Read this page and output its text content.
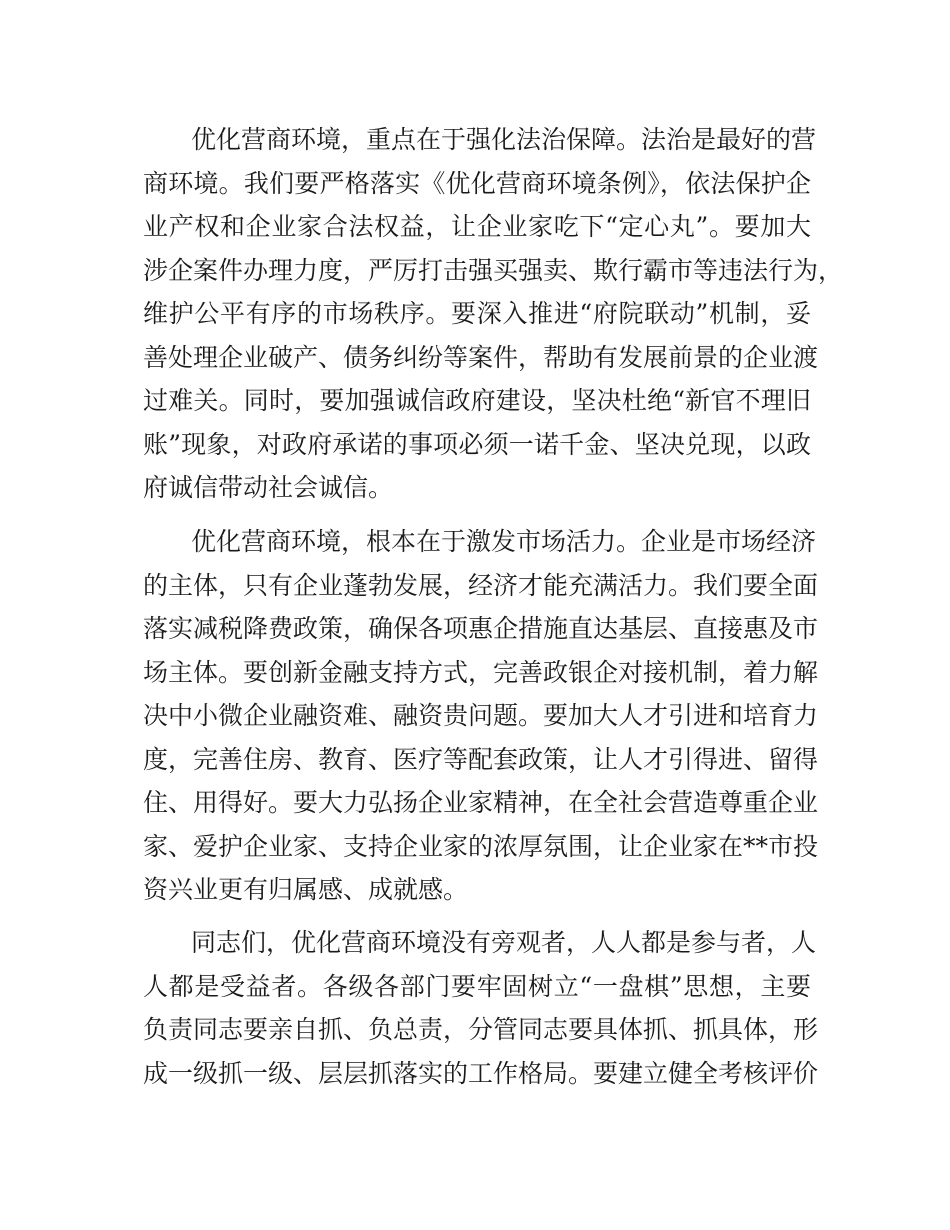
优化营商环境，重点在于强化法治保障。法治是最好的营
商环境。我们要严格落实《优化营商环境条例》，依法保护企
业产权和企业家合法权益，让企业家吃下“定心丸”。要加大
涉企案件办理力度，严厉打击强买强卖、欺行霸市等违法行为，
维护公平有序的市场秩序。要深入推进“府院联动”机制，妥
善处理企业破产、债务纠纷等案件，帮助有发展前景的企业渡
过难关。同时，要加强诚信政府建设，坚决杜绝“新官不理旧
账”现象，对政府承诺的事项必须一诺千金、坚决兑现，以政
府诚信带动社会诚信。
优化营商环境，根本在于激发市场活力。企业是市场经济
的主体，只有企业蓬勃发展，经济才能充满活力。我们要全面
落实减税降费政策，确保各项惠企措施直达基层、直接惠及市
场主体。要创新金融支持方式，完善政银企对接机制，着力解
决中小微企业融资难、融资贵问题。要加大人才引进和培育力
度，完善住房、教育、医疗等配套政策，让人才引得进、留得
住、用得好。要大力弘扬企业家精神，在全社会营造尊重企业
家、爱护企业家、支持企业家的浓厚氛围，让企业家在**市投
资兴业更有归属感、成就感。
同志们，优化营商环境没有旁观者，人人都是参与者，人
人都是受益者。各级各部门要牢固树立“一盘棋”思想，主要
负责同志要亲自抓、负总责，分管同志要具体抓、抓具体，形
成一级抓一级、层层抓落实的工作格局。要建立健全考核评价
